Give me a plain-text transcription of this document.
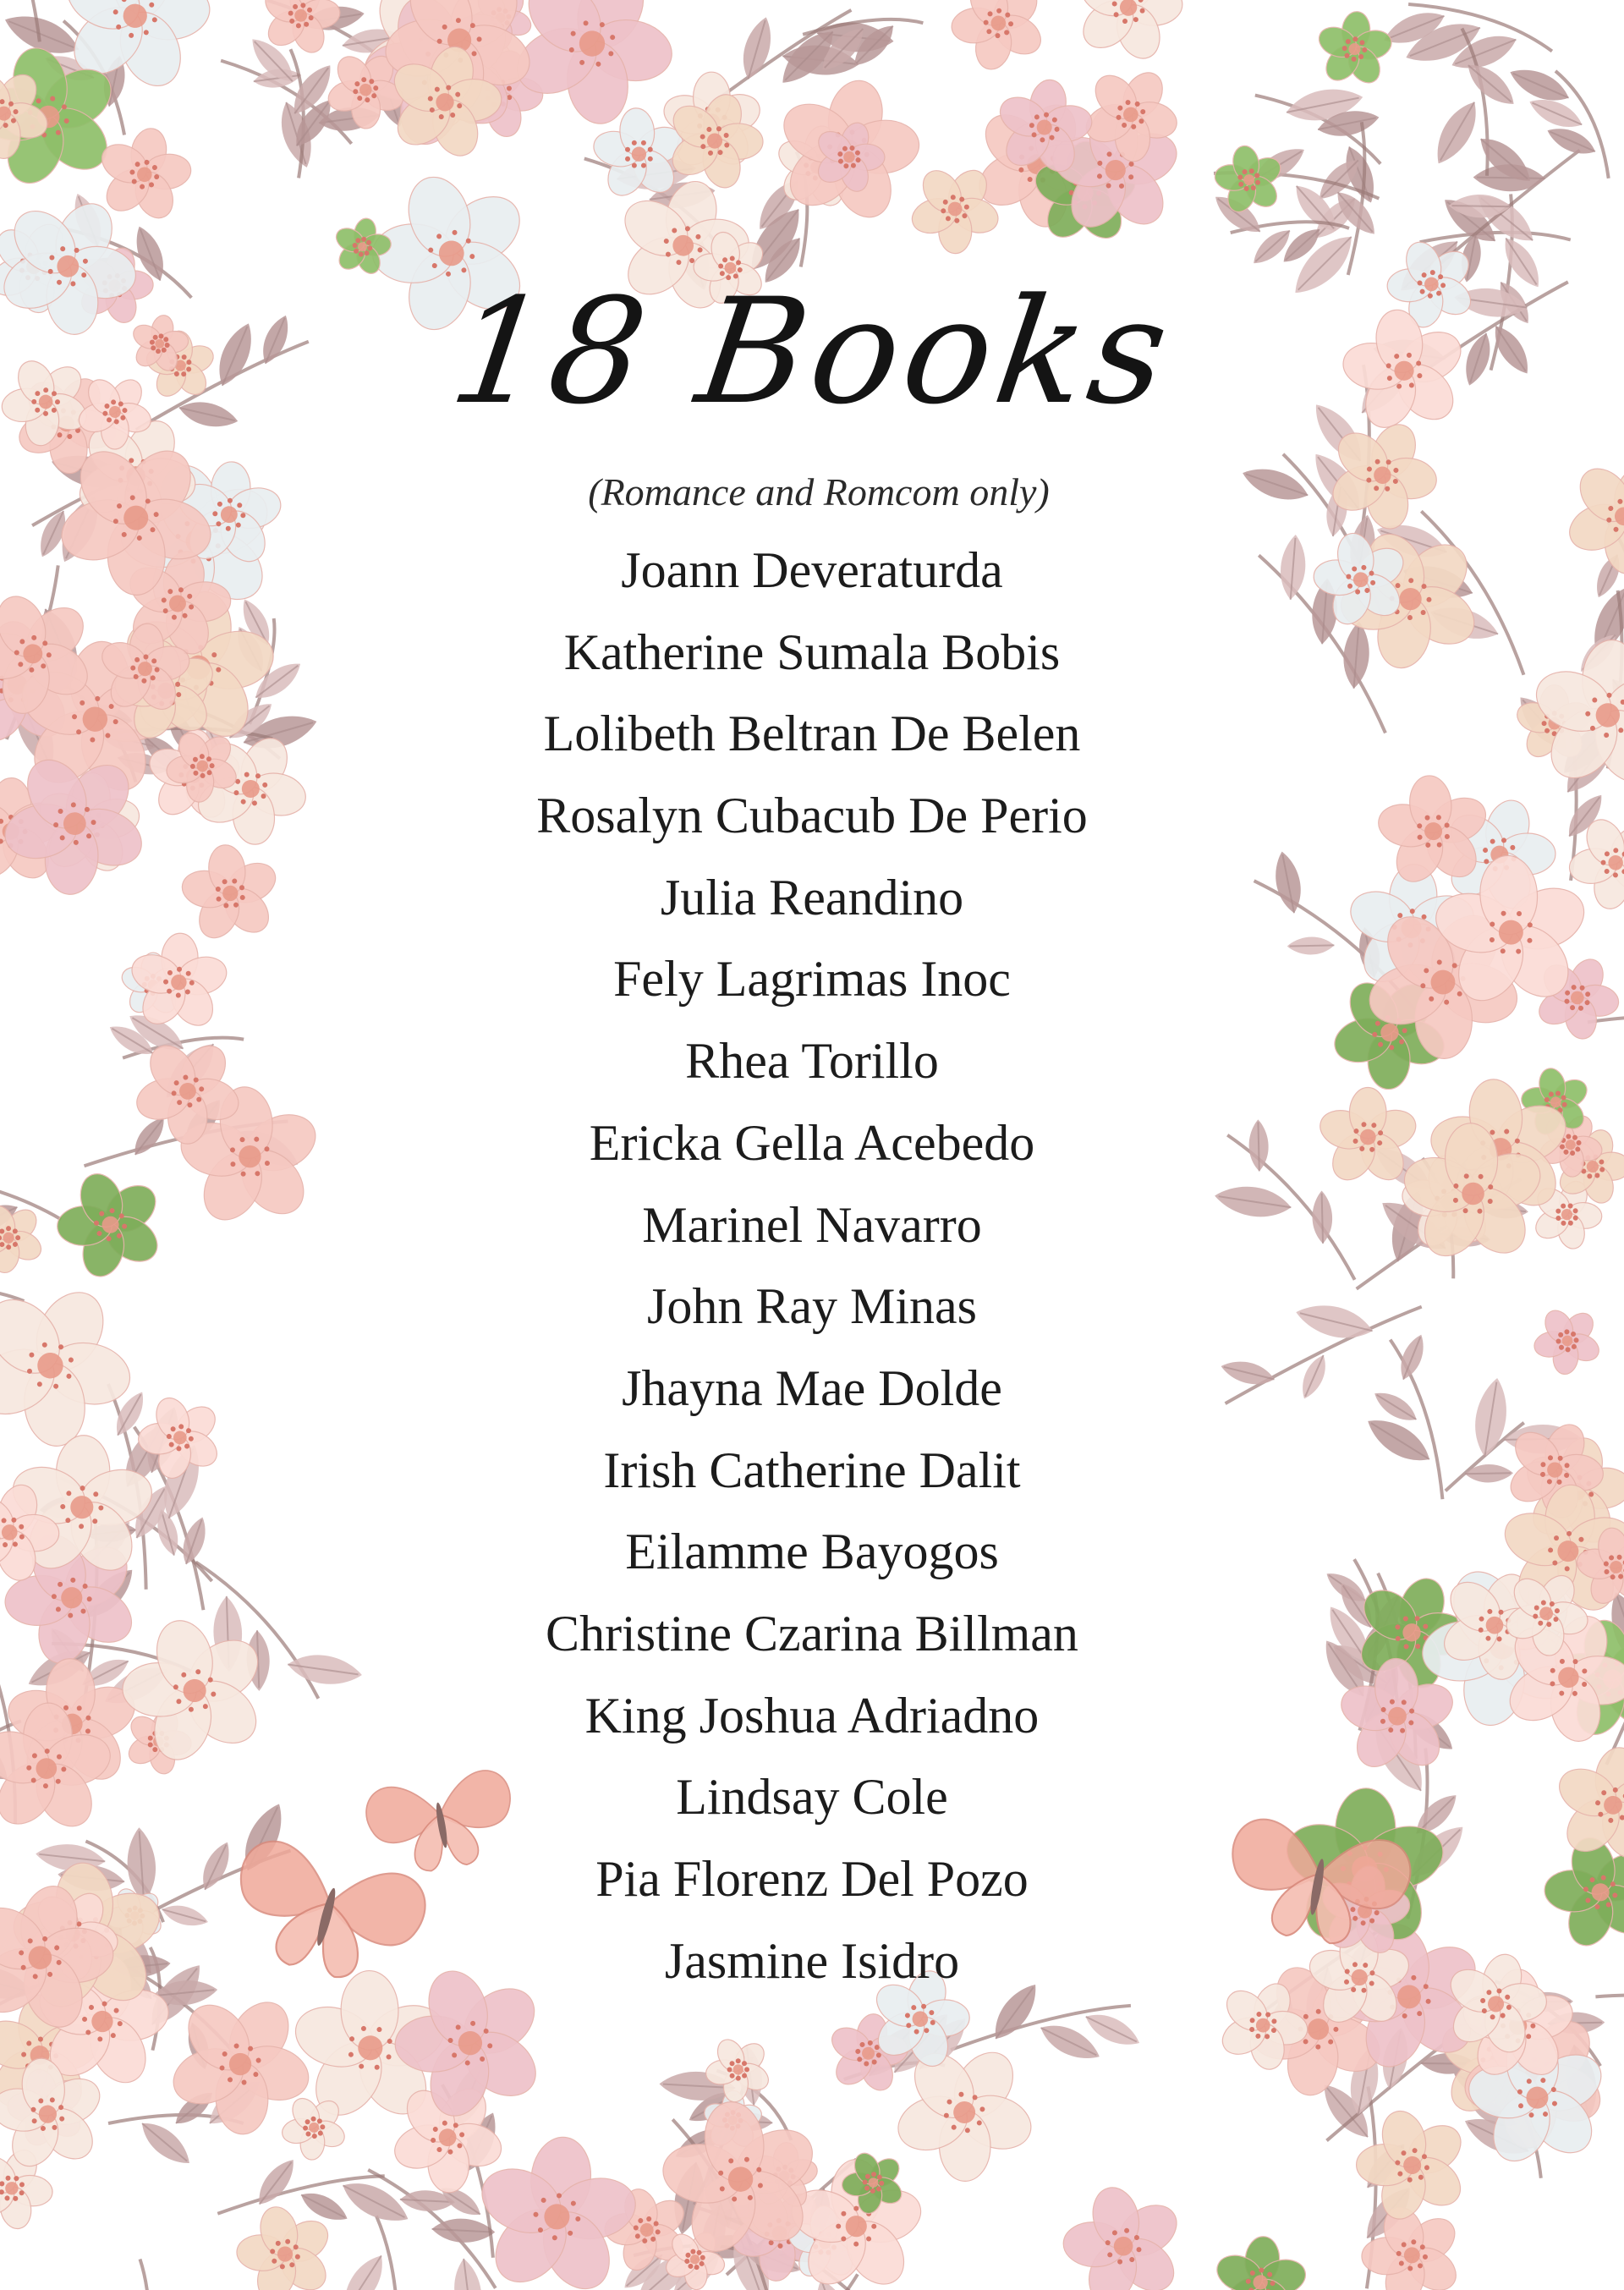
18 Books
(Romance and Romcom only)
Joann Deveraturda
Katherine Sumala Bobis
Lolibeth Beltran De Belen
Rosalyn Cubacub De Perio
Julia Reandino
Fely Lagrimas Inoc
Rhea Torillo
Ericka Gella Acebedo
Marinel Navarro
John Ray Minas
Jhayna Mae Dolde
Irish Catherine Dalit
Eilamme Bayogos
Christine Czarina Billman
King Joshua Adriadno
Lindsay Cole
Pia Florenz Del Pozo
Jasmine Isidro
